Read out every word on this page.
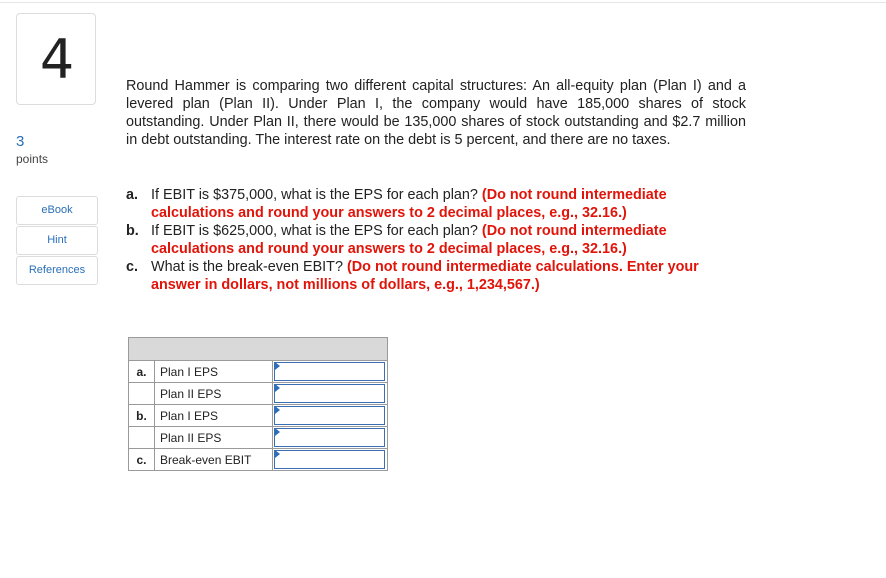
4
3
points
eBook
Hint
References
Round Hammer is comparing two different capital structures: An all-equity plan (Plan I) and a levered plan (Plan II). Under Plan I, the company would have 185,000 shares of stock outstanding. Under Plan II, there would be 135,000 shares of stock outstanding and $2.7 million in debt outstanding. The interest rate on the debt is 5 percent, and there are no taxes.
a. If EBIT is $375,000, what is the EPS for each plan? (Do not round intermediate calculations and round your answers to 2 decimal places, e.g., 32.16.)
b. If EBIT is $625,000, what is the EPS for each plan? (Do not round intermediate calculations and round your answers to 2 decimal places, e.g., 32.16.)
c. What is the break-even EBIT? (Do not round intermediate calculations. Enter your answer in dollars, not millions of dollars, e.g., 1,234,567.)

a.	Plan I EPS	

	Plan II EPS	

b.	Plan I EPS	

	Plan II EPS	

c.	Break-even EBIT	
